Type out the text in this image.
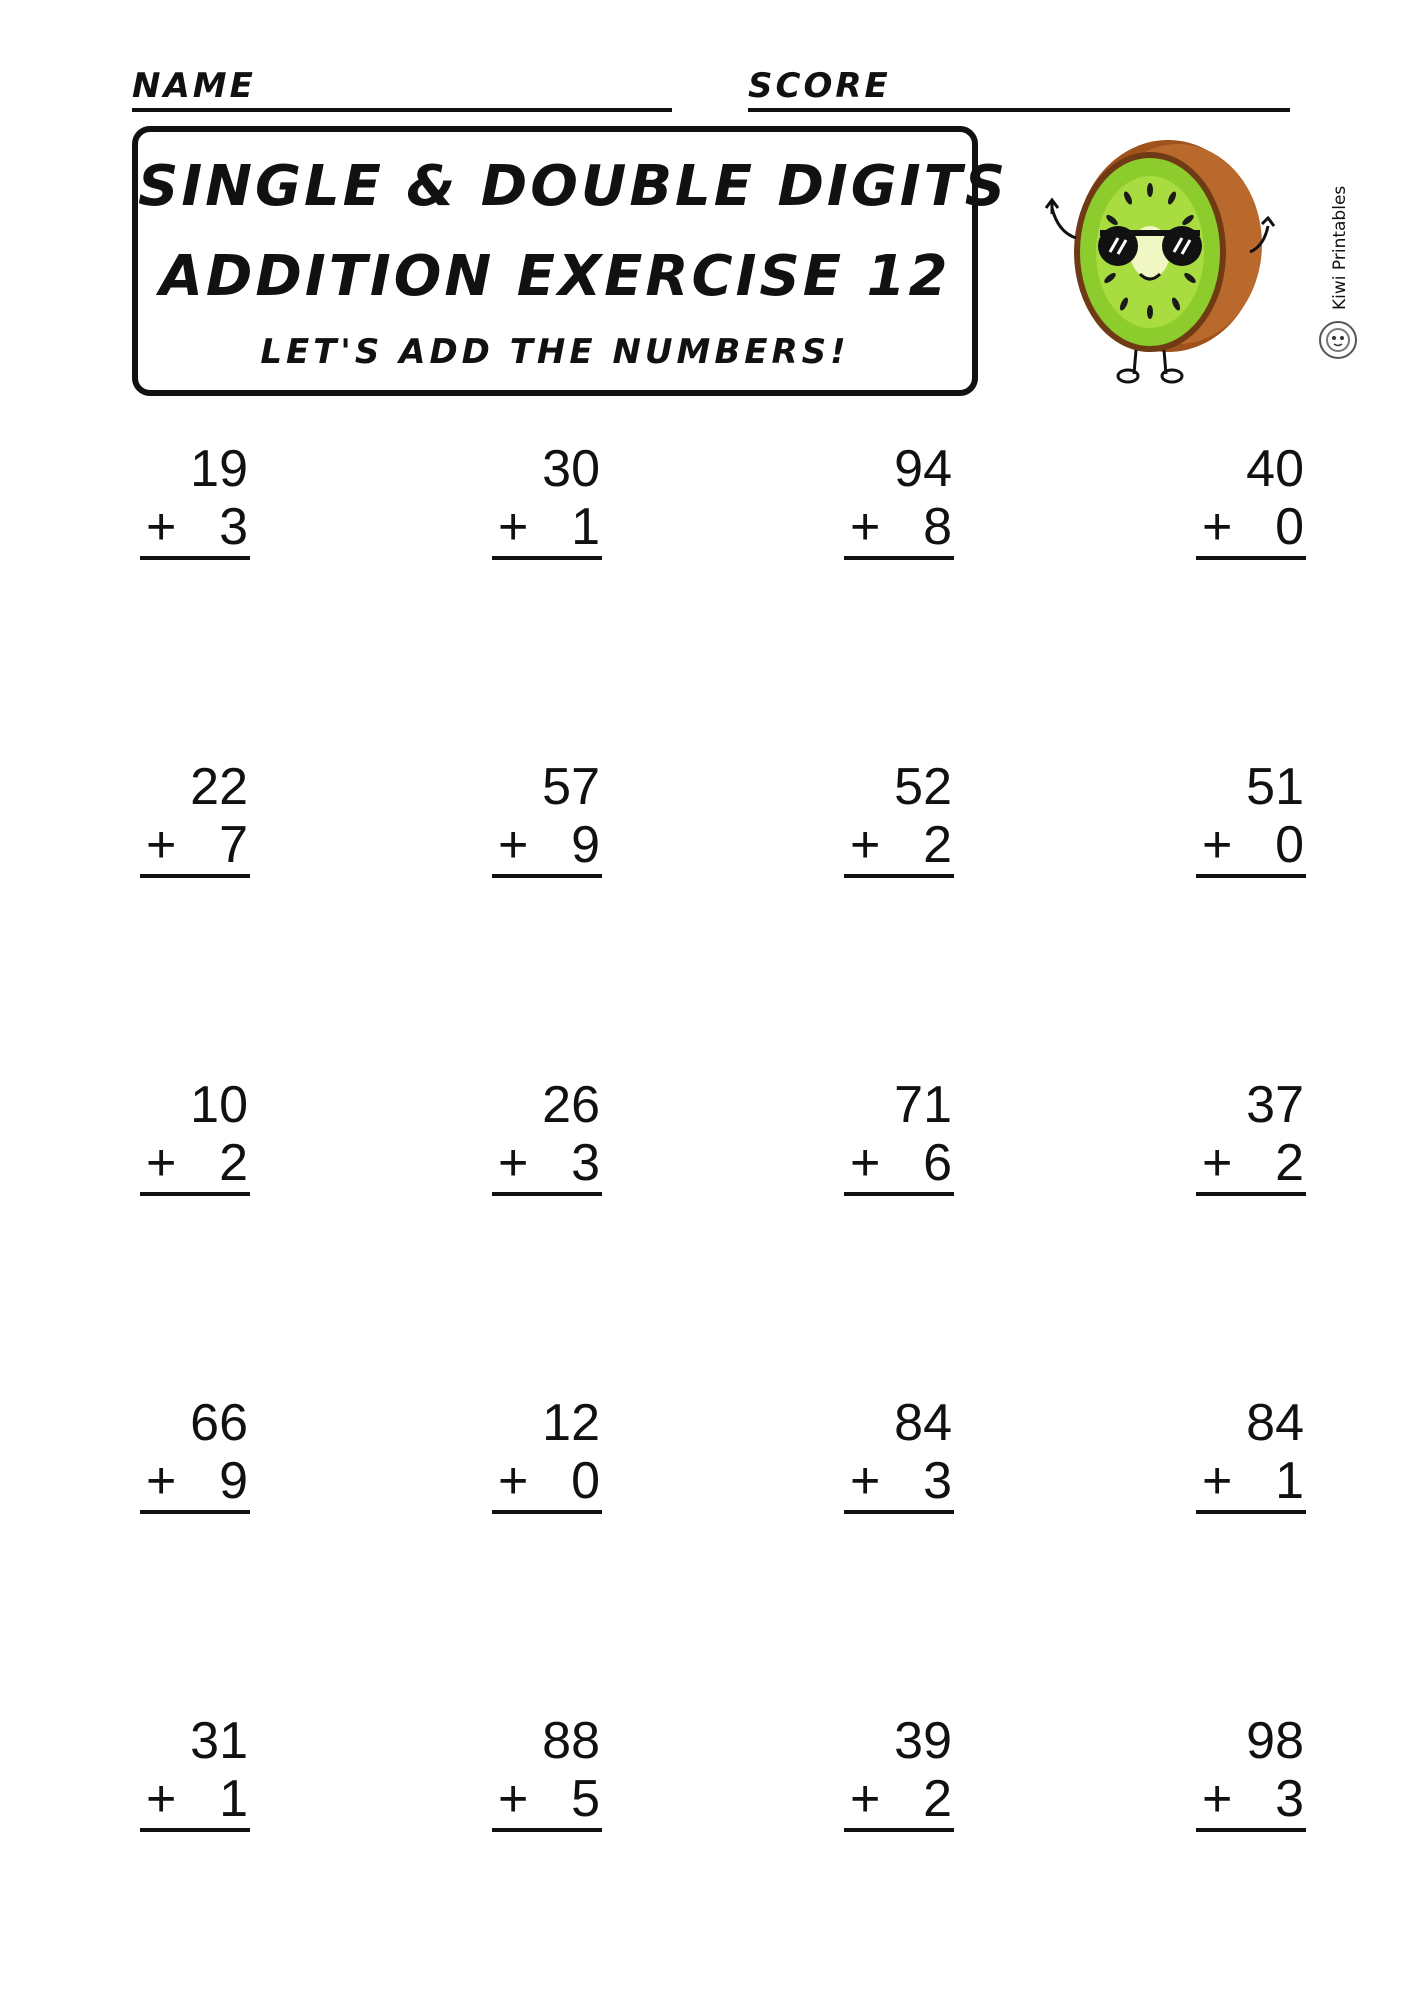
NAME	SCORE
SINGLE & DOUBLE DIGITS
ADDITION EXERCISE 12
LET'S ADD THE NUMBERS!
Kiwi Printables
19
+ 3
30
+ 1
94
+ 8
40
+ 0
22
+ 7
57
+ 9
52
+ 2
51
+ 0
10
+ 2
26
+ 3
71
+ 6
37
+ 2
66
+ 9
12
+ 0
84
+ 3
84
+ 1
31
+ 1
88
+ 5
39
+ 2
98
+ 3
